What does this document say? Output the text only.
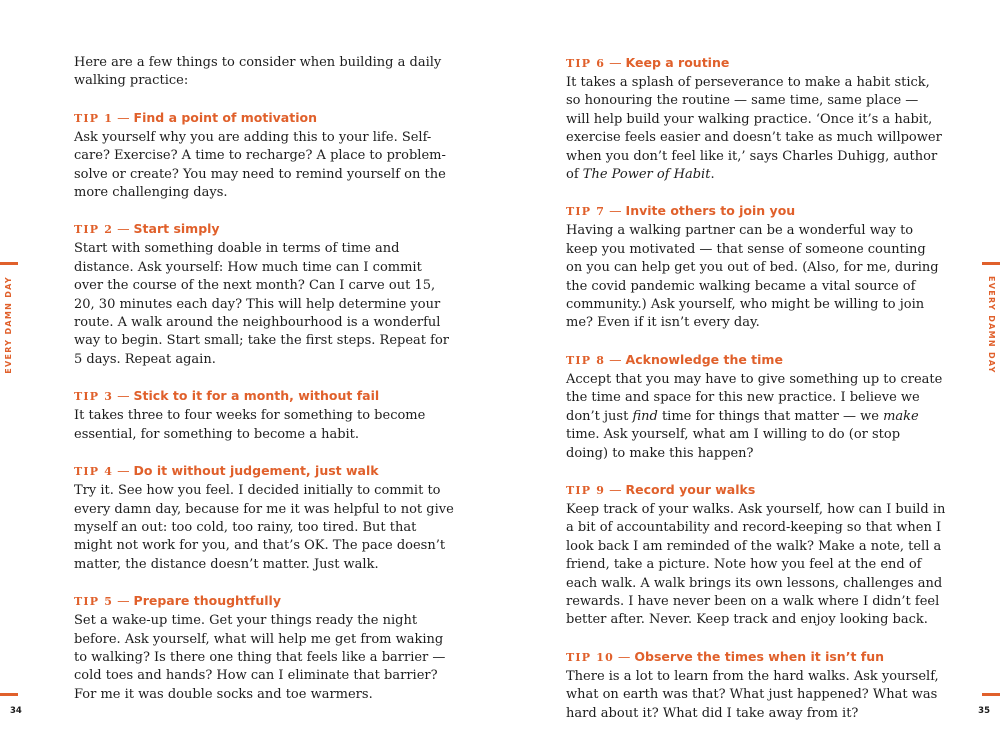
EVERY DAMN DAY

Here are a few things to consider when building a daily walking practice:

TIP 1 — Find a point of motivation

Ask yourself why you are adding this to your life. Self-care? Exercise? A time to recharge? A place to problem-solve or create? You may need to remind yourself on the more challenging days.

TIP 2 — Start simply

Start with something doable in terms of time and distance. Ask yourself: How much time can I commit over the course of the next month? Can I carve out 15, 20, 30 minutes each day? This will help determine your route. A walk around the neighbourhood is a wonderful way to begin. Start small; take the first steps. Repeat for 5 days. Repeat again.

TIP 3 — Stick to it for a month, without fail

It takes three to four weeks for something to become essential, for something to become a habit.

TIP 4 — Do it without judgement, just walk

Try it. See how you feel. I decided initially to commit to every damn day, because for me it was helpful to not give myself an out: too cold, too rainy, too tired. But that might not work for you, and that’s OK. The pace doesn’t matter, the distance doesn’t matter. Just walk.

TIP 5 — Prepare thoughtfully

Set a wake-up time. Get your things ready the night before. Ask yourself, what will help me get from waking to walking? Is there one thing that feels like a barrier — cold toes and hands? How can I eliminate that barrier? For me it was double socks and toe warmers.

34
EVERY DAMN DAY

TIP 6 — Keep a routine

It takes a splash of perseverance to make a habit stick, so honouring the routine — same time, same place — will help build your walking practice. ‘Once it’s a habit, exercise feels easier and doesn’t take as much willpower when you don’t feel like it,’ says Charles Duhigg, author of The Power of Habit.

TIP 7 — Invite others to join you

Having a walking partner can be a wonderful way to keep you motivated — that sense of someone counting on you can help get you out of bed. (Also, for me, during the covid pandemic walking became a vital source of community.) Ask yourself, who might be willing to join me? Even if it isn’t every day.

TIP 8 — Acknowledge the time

Accept that you may have to give something up to create the time and space for this new practice. I believe we don’t just find time for things that matter — we make time. Ask yourself, what am I willing to do (or stop doing) to make this happen?

TIP 9 — Record your walks

Keep track of your walks. Ask yourself, how can I build in a bit of accountability and record-keeping so that when I look back I am reminded of the walk? Make a note, tell a friend, take a picture. Note how you feel at the end of each walk. A walk brings its own lessons, challenges and rewards. I have never been on a walk where I didn’t feel better after. Never. Keep track and enjoy looking back.

TIP 10 — Observe the times when it isn’t fun

There is a lot to learn from the hard walks. Ask yourself, what on earth was that? What just happened? What was hard about it? What did I take away from it?	35
